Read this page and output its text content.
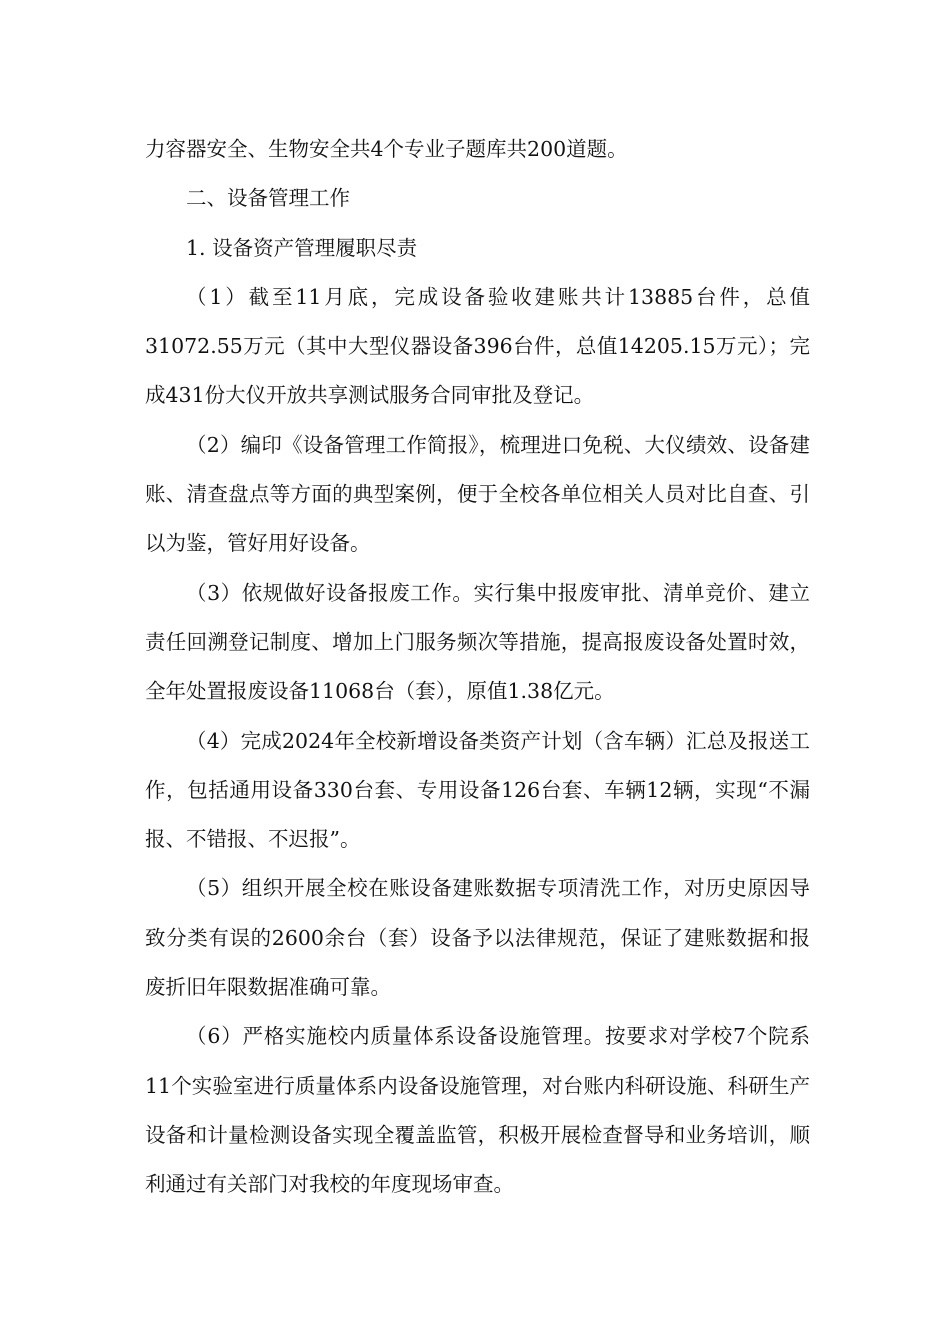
力容器安全、生物安全共4个专业子题库共200道题。

二、设备管理工作

1. 设备资产管理履职尽责

（1）截至11月底，完成设备验收建账共计13885台件，总值31072.55万元（其中大型仪器设备396台件，总值14205.15万元）；完成431份大仪开放共享测试服务合同审批及登记。

（2）编印《设备管理工作简报》，梳理进口免税、大仪绩效、设备建账、清查盘点等方面的典型案例，便于全校各单位相关人员对比自查、引以为鉴，管好用好设备。

（3）依规做好设备报废工作。实行集中报废审批、清单竞价、建立责任回溯登记制度、增加上门服务频次等措施，提高报废设备处置时效，全年处置报废设备11068台（套），原值1.38亿元。

（4）完成2024年全校新增设备类资产计划（含车辆）汇总及报送工作，包括通用设备330台套、专用设备126台套、车辆12辆，实现“不漏报、不错报、不迟报”。

（5）组织开展全校在账设备建账数据专项清洗工作，对历史原因导致分类有误的2600余台（套）设备予以法律规范，保证了建账数据和报废折旧年限数据准确可靠。

（6）严格实施校内质量体系设备设施管理。按要求对学校7个院系11个实验室进行质量体系内设备设施管理，对台账内科研设施、科研生产设备和计量检测设备实现全覆盖监管，积极开展检查督导和业务培训，顺利通过有关部门对我校的年度现场审查。
